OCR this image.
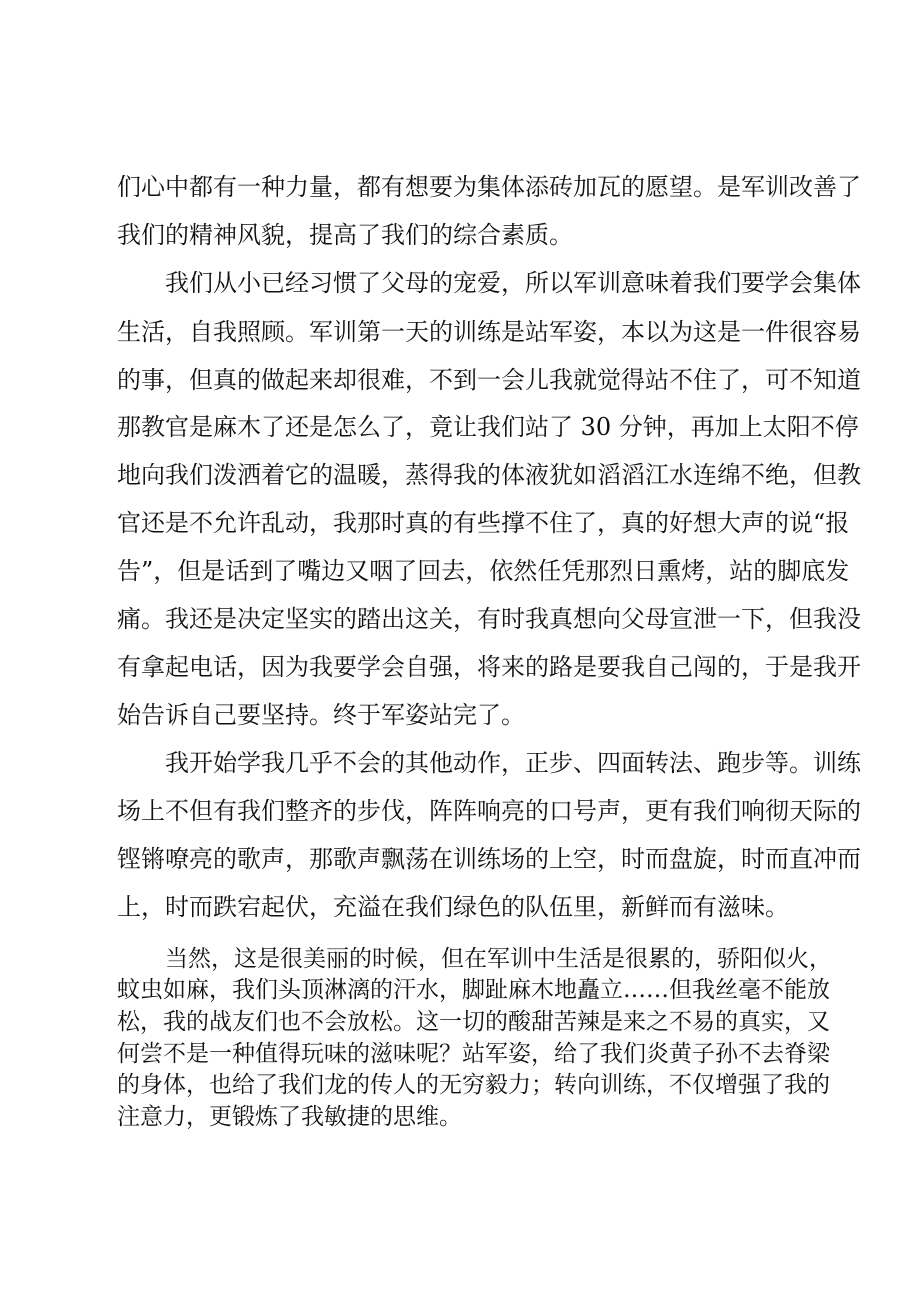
们心中都有一种力量，都有想要为集体添砖加瓦的愿望。是军训改善了

我们的精神风貌，提高了我们的综合素质。

我们从小已经习惯了父母的宠爱，所以军训意味着我们要学会集体

生活，自我照顾。军训第一天的训练是站军姿，本以为这是一件很容易

的事，但真的做起来却很难，不到一会儿我就觉得站不住了，可不知道

那教官是麻木了还是怎么了，竟让我们站了 30 分钟，再加上太阳不停

地向我们泼洒着它的温暖，蒸得我的体液犹如滔滔江水连绵不绝，但教

官还是不允许乱动，我那时真的有些撑不住了，真的好想大声的说“报

告”，但是话到了嘴边又咽了回去，依然任凭那烈日熏烤，站的脚底发

痛。我还是决定坚实的踏出这关，有时我真想向父母宣泄一下，但我没

有拿起电话，因为我要学会自强，将来的路是要我自己闯的，于是我开

始告诉自己要坚持。终于军姿站完了。

我开始学我几乎不会的其他动作，正步、四面转法、跑步等。训练

场上不但有我们整齐的步伐，阵阵响亮的口号声，更有我们响彻天际的

铿锵嘹亮的歌声，那歌声飘荡在训练场的上空，时而盘旋，时而直冲而

上，时而跌宕起伏，充溢在我们绿色的队伍里，新鲜而有滋味。

当然，这是很美丽的时候，但在军训中生活是很累的，骄阳似火，

蚊虫如麻，我们头顶淋漓的汗水，脚趾麻木地矗立……但我丝毫不能放

松，我的战友们也不会放松。这一切的酸甜苦辣是来之不易的真实，又

何尝不是一种值得玩味的滋味呢？站军姿，给了我们炎黄子孙不去脊梁

的身体，也给了我们龙的传人的无穷毅力；转向训练，不仅增强了我的

注意力，更锻炼了我敏捷的思维。
